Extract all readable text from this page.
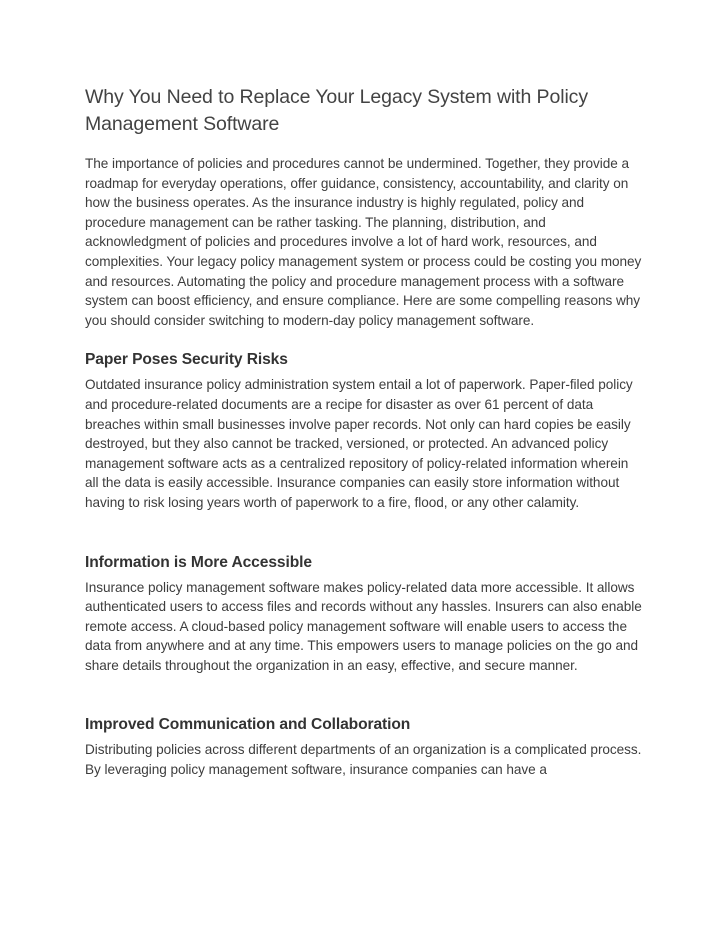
Why You Need to Replace Your Legacy System with Policy Management Software

The importance of policies and procedures cannot be undermined. Together, they provide a roadmap for everyday operations, offer guidance, consistency, accountability, and clarity on how the business operates. As the insurance industry is highly regulated, policy and procedure management can be rather tasking. The planning, distribution, and acknowledgment of policies and procedures involve a lot of hard work, resources, and complexities. Your legacy policy management system or process could be costing you money and resources. Automating the policy and procedure management process with a software system can boost efficiency, and ensure compliance. Here are some compelling reasons why you should consider switching to modern-day policy management software.

Paper Poses Security Risks

Outdated insurance policy administration system entail a lot of paperwork. Paper-filed policy and procedure-related documents are a recipe for disaster as over 61 percent of data breaches within small businesses involve paper records. Not only can hard copies be easily destroyed, but they also cannot be tracked, versioned, or protected. An advanced policy management software acts as a centralized repository of policy-related information wherein all the data is easily accessible. Insurance companies can easily store information without having to risk losing years worth of paperwork to a fire, flood, or any other calamity.

Information is More Accessible

Insurance policy management software makes policy-related data more accessible. It allows authenticated users to access files and records without any hassles. Insurers can also enable remote access. A cloud-based policy management software will enable users to access the data from anywhere and at any time. This empowers users to manage policies on the go and share details throughout the organization in an easy, effective, and secure manner.

Improved Communication and Collaboration

Distributing policies across different departments of an organization is a complicated process. By leveraging policy management software, insurance companies can have a
